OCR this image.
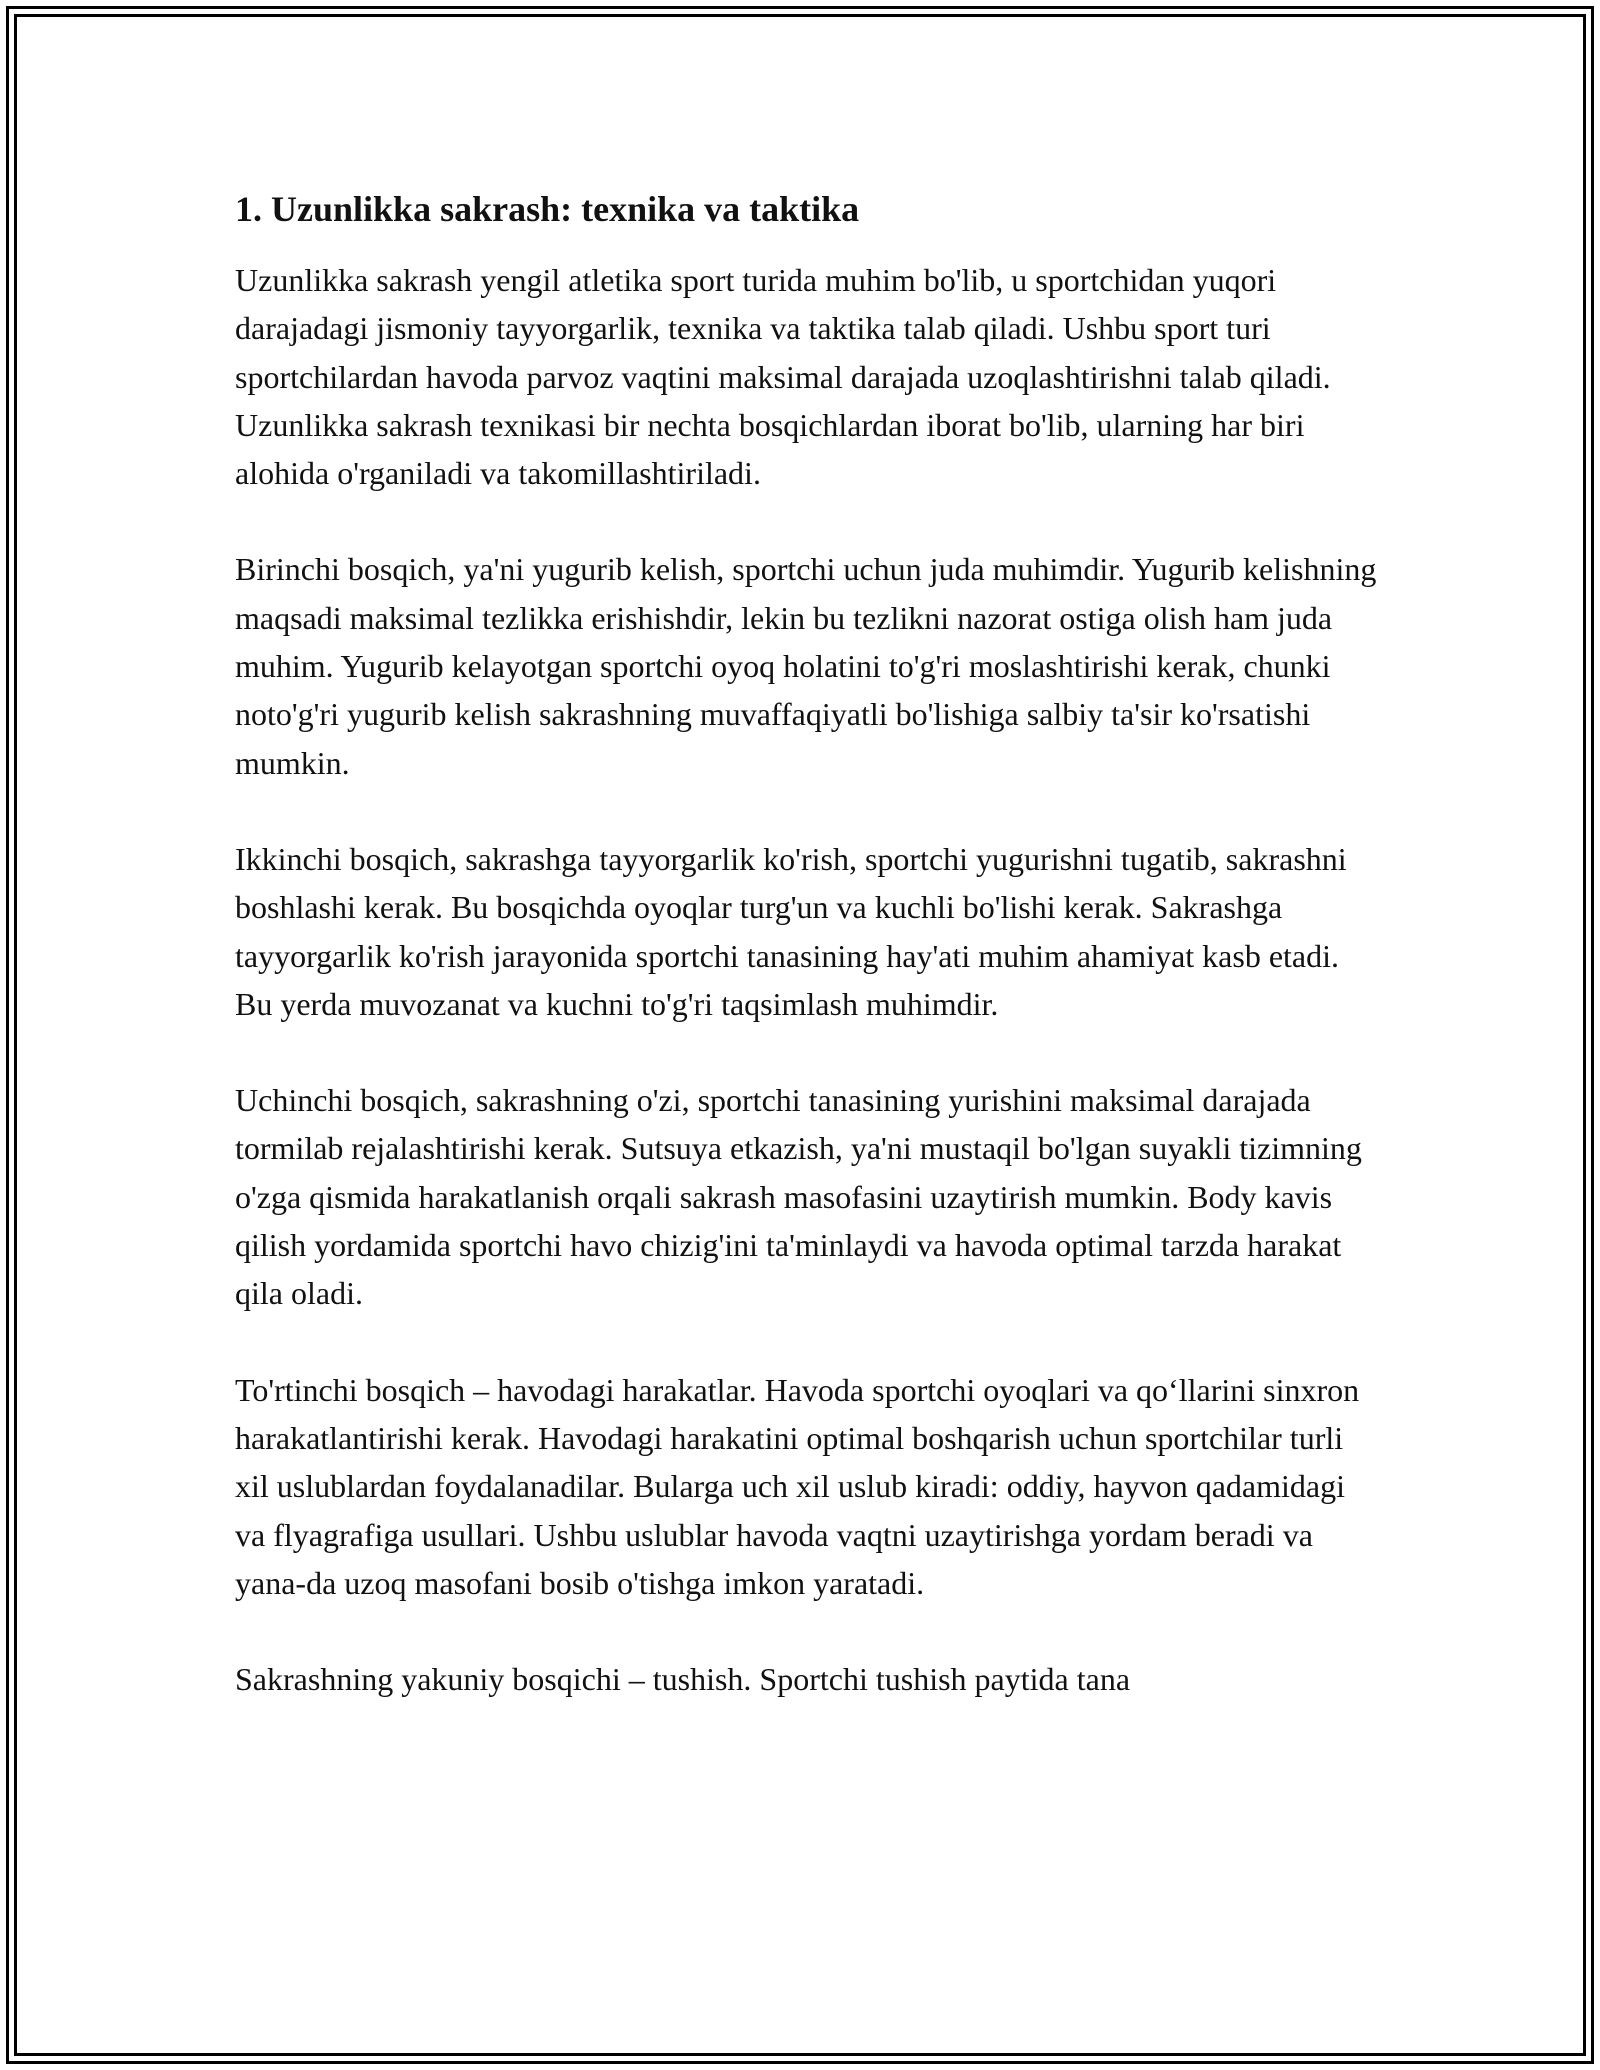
1. Uzunlikka sakrash: texnika va taktika

Uzunlikka sakrash yengil atletika sport turida muhim bo'lib, u sportchidan yuqori darajadagi jismoniy tayyorgarlik, texnika va taktika talab qiladi. Ushbu sport turi sportchilardan havoda parvoz vaqtini maksimal darajada uzoqlashtirishni talab qiladi. Uzunlikka sakrash texnikasi bir nechta bosqichlardan iborat bo'lib, ularning har biri alohida o'rganiladi va takomillashtiriladi.

Birinchi bosqich, ya'ni yugurib kelish, sportchi uchun juda muhimdir. Yugurib kelishning maqsadi maksimal tezlikka erishishdir, lekin bu tezlikni nazorat ostiga olish ham juda muhim. Yugurib kelayotgan sportchi oyoq holatini to'g'ri moslashtirishi kerak, chunki noto'g'ri yugurib kelish sakrashning muvaffaqiyatli bo'lishiga salbiy ta'sir ko'rsatishi mumkin.

Ikkinchi bosqich, sakrashga tayyorgarlik ko'rish, sportchi yugurishni tugatib, sakrashni boshlashi kerak. Bu bosqichda oyoqlar turg'un va kuchli bo'lishi kerak. Sakrashga tayyorgarlik ko'rish jarayonida sportchi tanasining hay'ati muhim ahamiyat kasb etadi. Bu yerda muvozanat va kuchni to'g'ri taqsimlash muhimdir.

Uchinchi bosqich, sakrashning o'zi, sportchi tanasining yurishini maksimal darajada tormilab rejalashtirishi kerak. Sutsuya etkazish, ya'ni mustaqil bo'lgan suyakli tizimning o'zga qismida harakatlanish orqali sakrash masofasini uzaytirish mumkin. Body kavis qilish yordamida sportchi havo chizig'ini ta'minlaydi va havoda optimal tarzda harakat qila oladi.

To'rtinchi bosqich – havodagi harakatlar. Havoda sportchi oyoqlari va qo‘llarini sinxron harakatlantirishi kerak. Havodagi harakatini optimal boshqarish uchun sportchilar turli xil uslublardan foydalanadilar. Bularga uch xil uslub kiradi: oddiy, hayvon qadamidagi va flyagrafiga usullari. Ushbu uslublar havoda vaqtni uzaytirishga yordam beradi va yana-da uzoq masofani bosib o'tishga imkon yaratadi.

Sakrashning yakuniy bosqichi – tushish. Sportchi tushish paytida tana
